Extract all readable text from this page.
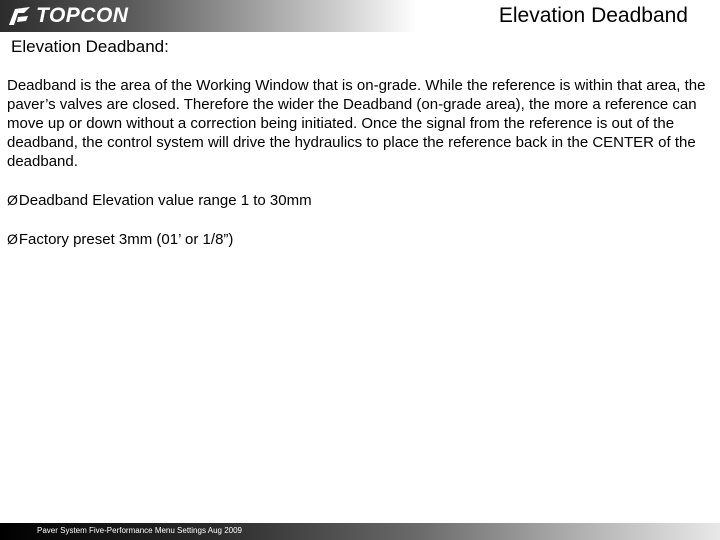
TOPCON	Elevation Deadband
Elevation Deadband:

Deadband is the area of the Working Window that is on-grade. While the reference is within that area, the paver’s valves are closed. Therefore the wider the Deadband (on-grade area), the more a reference can move up or down without a correction being initiated. Once the signal from the reference is out of the deadband, the control system will drive the hydraulics to place the reference back in the CENTER of the deadband.

Ø Deadband Elevation value range 1 to 30mm
Ø Factory preset 3mm (01’ or 1/8”)
Paver System Five-Performance Menu Settings Aug 2009
